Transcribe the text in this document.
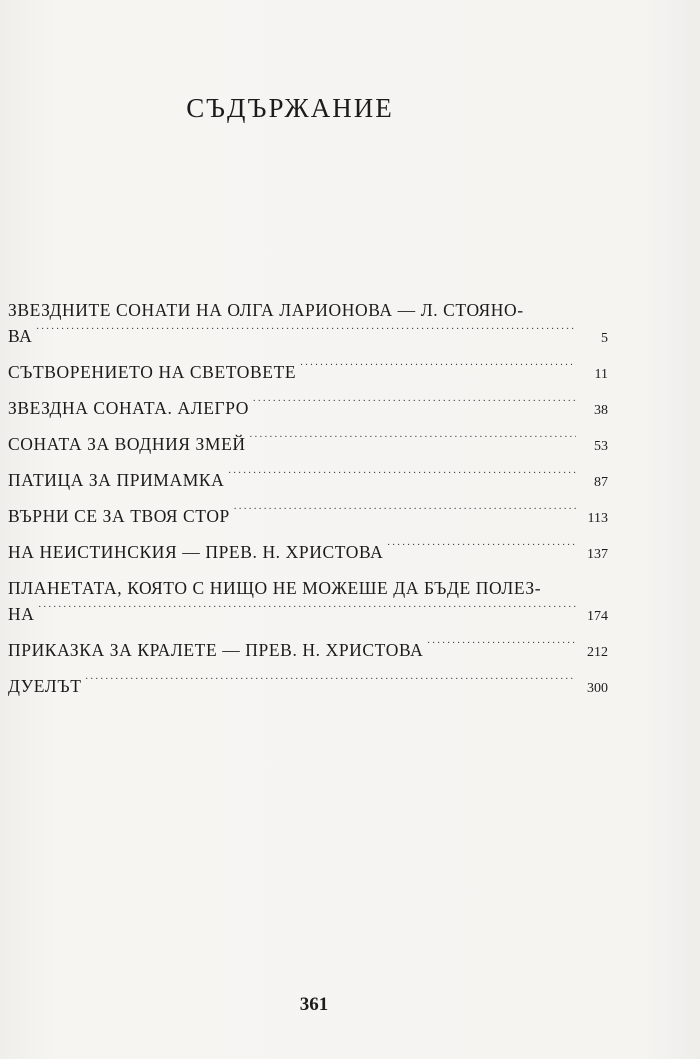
СЪДЪРЖАНИЕ
ЗВЕЗДНИТЕ СОНАТИ НА ОЛГА ЛАРИОНОВА — Л. СТОЯНО-
ВА . . .	5
СЪТВОРЕНИЕТО НА СВЕТОВЕТЕ . . .	11
ЗВЕЗДНА СОНАТА. АЛЕГРО . . .	38
СОНАТА ЗА ВОДНИЯ ЗМЕЙ . . .	53
ПАТИЦА ЗА ПРИМАМКА . . .	87
ВЪРНИ СЕ ЗА ТВОЯ СТОР . . .	113
НА НЕИСТИНСКИЯ — ПРЕВ. Н. ХРИСТОВА . . .	137
ПЛАНЕТАТА, КОЯТО С НИЩО НЕ МОЖЕШЕ ДА БЪДЕ ПОЛЕЗ-
НА . . .	174
ПРИКАЗКА ЗА КРАЛЕТЕ — ПРЕВ. Н. ХРИСТОВА . . .	212
ДУЕЛЪТ . . .	300
361
